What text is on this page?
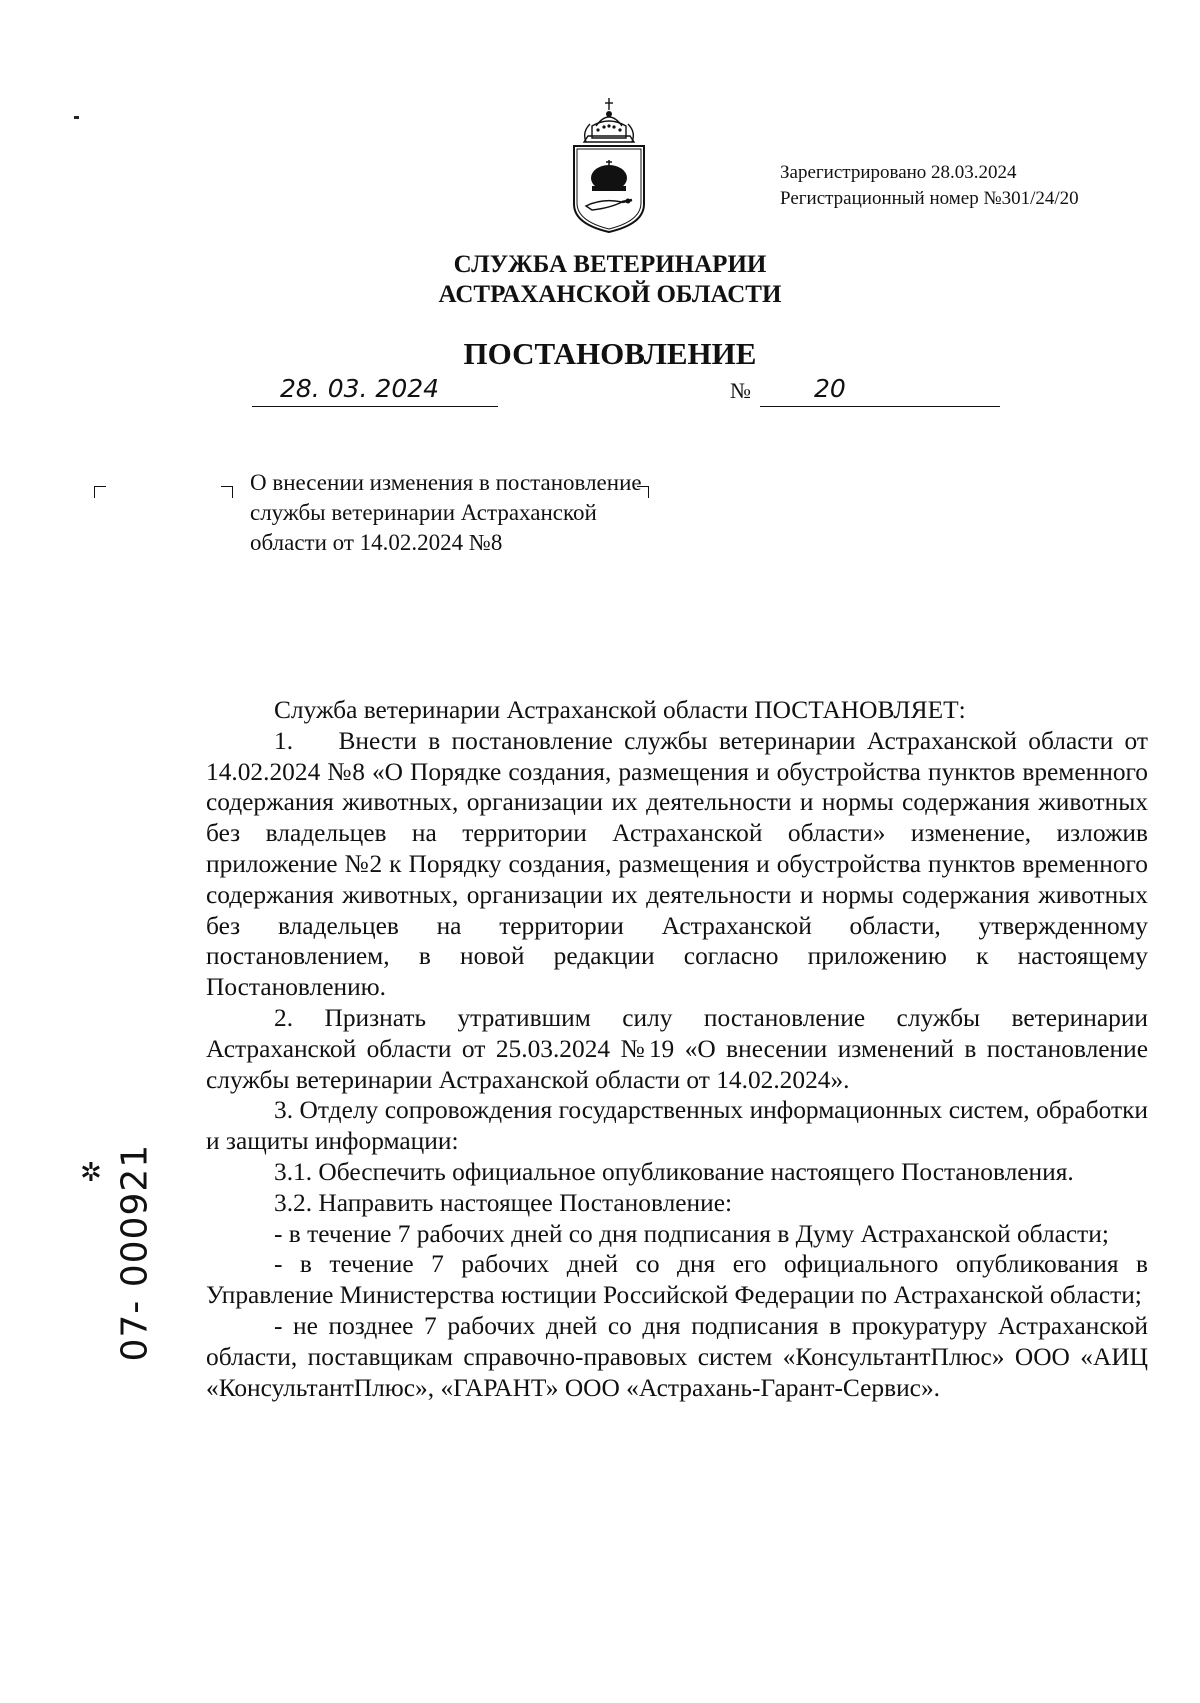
Зарегистрировано 28.03.2024
Регистрационный номер №301/24/20
СЛУЖБА ВЕТЕРИНАРИИ
АСТРАХАНСКОЙ ОБЛАСТИ
ПОСТАНОВЛЕНИЕ
28. 03. 2024	№	20
О внесении изменения в постановление службы ветеринарии Астраханской области от 14.02.2024 №8

Служба ветеринарии Астраханской области ПОСТАНОВЛЯЕТ:

1.    Внести в постановление службы ветеринарии Астраханской области от 14.02.2024 №8 «О Порядке создания, размещения и обустройства пунктов временного содержания животных, организации их деятельности и нормы содержания животных без владельцев на территории Астраханской области» изменение, изложив приложение №2 к Порядку создания, размещения и обустройства пунктов временного содержания животных, организации их деятельности и нормы содержания животных без владельцев на территории Астраханской области, утвержденному постановлением, в новой редакции согласно приложению к настоящему Постановлению.

2. Признать утратившим силу постановление службы ветеринарии Астраханской области от 25.03.2024 №19 «О внесении изменений в постановление службы ветеринарии Астраханской области от 14.02.2024».

3. Отделу сопровождения государственных информационных систем, обработки и защиты информации:

3.1. Обеспечить официальное опубликование настоящего Постановления.

3.2. Направить настоящее Постановление:

- в течение 7 рабочих дней со дня подписания в Думу Астраханской области;

- в течение 7 рабочих дней со дня его официального опубликования в Управление Министерства юстиции Российской Федерации по Астраханской области;

- не позднее 7 рабочих дней со дня подписания в прокуратуру Астраханской области, поставщикам справочно-правовых систем «КонсультантПлюс» ООО «АИЦ «КонсультантПлюс», «ГАРАНТ» ООО «Астрахань-Гарант-Сервис».

✲ 07- 000921
